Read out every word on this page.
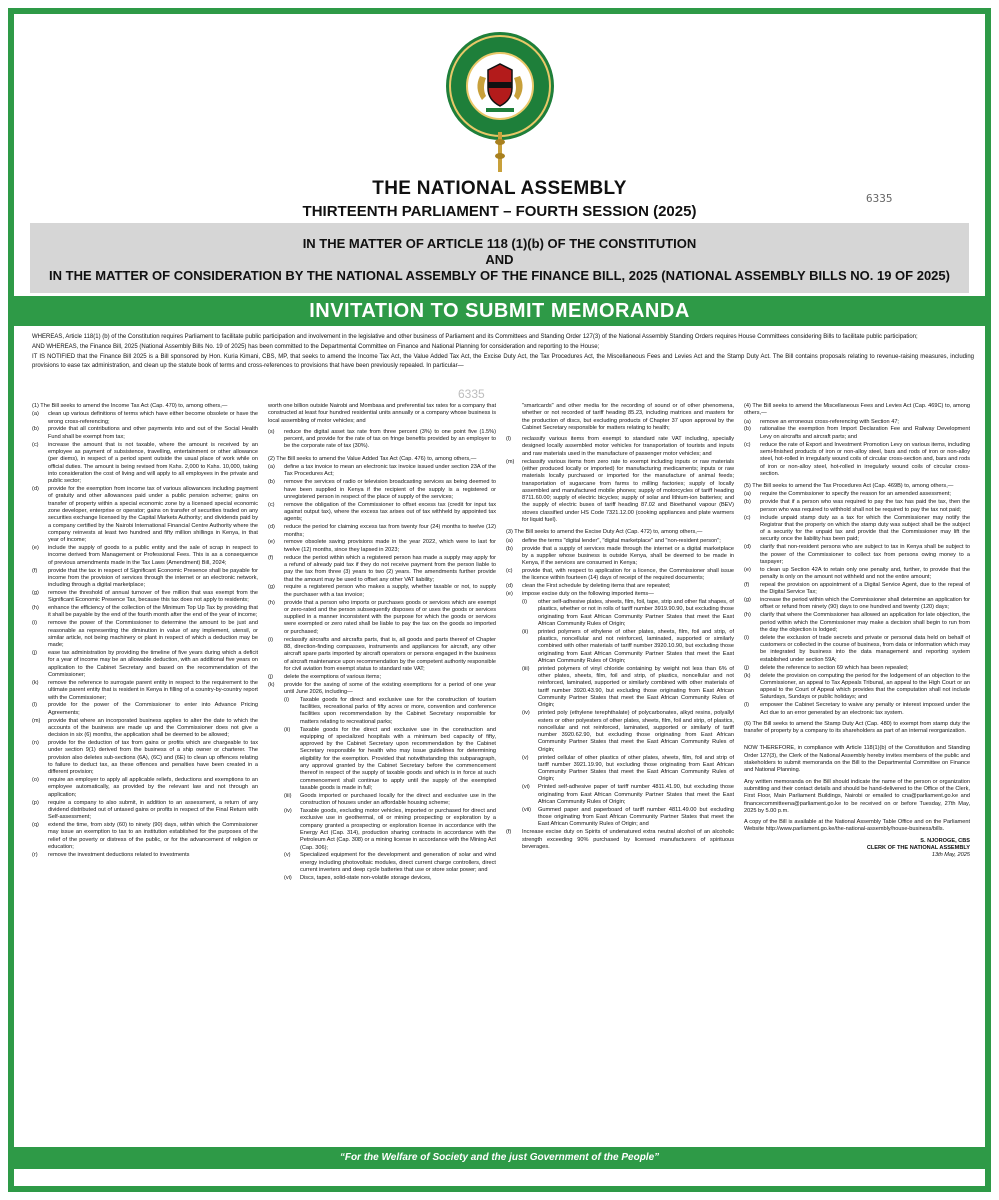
THE NATIONAL ASSEMBLY
THIRTEENTH PARLIAMENT – FOURTH SESSION (2025)
6335
IN THE MATTER OF ARTICLE 118 (1)(b) OF THE CONSTITUTION
AND
IN THE MATTER OF CONSIDERATION BY THE NATIONAL ASSEMBLY OF THE FINANCE BILL, 2025 (NATIONAL ASSEMBLY BILLS NO. 19 OF 2025)
INVITATION TO SUBMIT MEMORANDA

WHEREAS, Article 118(1) (b) of the Constitution requires Parliament to facilitate public participation and involvement in the legislative and other business of Parliament and its Committees and Standing Order 127(3) of the National Assembly Standing Orders requires House Committees considering Bills to facilitate public participation;

AND WHEREAS, the Finance Bill, 2025 (National Assembly Bills No. 19 of 2025) has been committed to the Departmental Committee on Finance and National Planning for consideration and reporting to the House;

IT IS NOTIFIED that the Finance Bill 2025 is a Bill sponsored by Hon. Kuria Kimani, CBS, MP, that seeks to amend the Income Tax Act, the Value Added Tax Act, the Excise Duty Act, the Tax Procedures Act, the Miscellaneous Fees and Levies Act and the Stamp Duty Act. The Bill contains proposals relating to revenue-raising measures, including provisions to ease tax administration, and clean up the statute book of terms and cross-references to provisions that have been previously repealed. In particular—

6335
(1) The Bill seeks to amend the Income Tax Act (Cap. 470) to, among others,—
(a)	clean up various definitions of terms which have either become obsolete or have the wrong cross-referencing;
(b)	provide that all contributions and other payments into and out of the Social Health Fund shall be exempt from tax;
(c)	increase the amount that is not taxable, where the amount is received by an employee as payment of subsistence, travelling, entertainment or other allowance (per diems), in respect of a period spent outside the usual place of work while on official duties. The amount is being revised from Kshs. 2,000 to Kshs. 10,000, taking into consideration the cost of living and will apply to all employees in the private and public sector;
(d)	provide for the exemption from income tax of various allowances including payment of gratuity and other allowances paid under a public pension scheme; gains on transfer of property within a special economic zone by a licensed special economic zone developer, enterprise or operator; gains on transfer of securities traded on any securities exchange licensed by the Capital Markets Authority; and dividends paid by a company certified by the Nairobi International Financial Centre Authority where the company reinvests at least two hundred and fifty million shillings in Kenya, in that year of income;
(e)	include the supply of goods to a public entity and the sale of scrap in respect to income derived from Management or Professional Fees. This is as a consequence of previous amendments made in the Tax Laws (Amendment) Bill, 2024;
(f)	provide that the tax in respect of Significant Economic Presence shall be payable for income from the provision of services through the internet or an electronic network, including through a digital marketplace;
(g)	remove the threshold of annual turnover of five million that was exempt from the Significant Economic Presence Tax, because this tax does not apply to residents;
(h)	enhance the efficiency of the collection of the Minimum Top Up Tax by providing that it shall be payable by the end of the fourth month after the end of the year of income;
(i)	remove the power of the Commissioner to determine the amount to be just and reasonable as representing the diminution in value of any implement, utensil, or similar article, not being machinery or plant in respect of which a deduction may be made;
(j)	ease tax administration by providing the timeline of five years during which a deficit for a year of income may be an allowable deduction, with an additional five years on application to the Cabinet Secretary and based on the recommendation of the Commissioner;
(k)	remove the reference to surrogate parent entity in respect to the requirement to the ultimate parent entity that is resident in Kenya in filling of a country-by-country report with the Commissioner;
(l)	provide for the power of the Commissioner to enter into Advance Pricing Agreements;
(m)	provide that where an incorporated business applies to alter the date to which the accounts of the business are made up and the Commissioner does not give a decision in six (6) months, the application shall be deemed to be allowed;
(n)	provide for the deduction of tax from gains or profits which are chargeable to tax under section 9(1) derived from the business of a ship owner or charterer. The provision also deletes sub-sections (6A), (6C) and (6E) to clean up offences relating to failure to deduct tax, as these offences and penalties have been created in a different provision;
(o)	require an employer to apply all applicable reliefs, deductions and exemptions to an employee automatically, as provided by the relevant law and not through an application;
(p)	require a company to also submit, in addition to an assessment, a return of any dividend distributed out of untaxed gains or profits in respect of the Final Return with Self-assessment;
(q)	extend the time, from sixty (60) to ninety (90) days, within which the Commissioner may issue an exemption to tax to an institution established for the purposes of the relief of the poverty or distress of the public, or for the advancement of religion or education;
(r)	remove the investment deductions related to investments
worth one billion outside Nairobi and Mombasa and preferential tax rates for a company that constructed at least four hundred residential units annually or a company whose business is local assembling of motor vehicles; and
(s)	reduce the digital asset tax rate from three percent (3%) to one point five (1.5%) percent, and provide for the rate of tax on fringe benefits provided by an employer to be the corporate rate of tax (30%).
(2) The Bill seeks to amend the Value Added Tax Act (Cap. 476) to, among others,—
(a)	define a tax invoice to mean an electronic tax invoice issued under section 23A of the Tax Procedures Act;
(b)	remove the services of radio or television broadcasting services as being deemed to have been supplied in Kenya if the recipient of the supply is a registered or unregistered person in respect of the place of supply of the services;
(c)	remove the obligation of the Commissioner to offset excess tax (credit for input tax against output tax), where the excess tax arises out of tax withheld by appointed tax agents;
(d)	reduce the period for claiming excess tax from twenty four (24) months to twelve (12) months;
(e)	remove obsolete saving provisions made in the year 2022, which were to last for twelve (12) months, since they lapsed in 2023;
(f)	reduce the period within which a registered person has made a supply may apply for a refund of already paid tax if they do not receive payment from the person liable to pay the tax from three (3) years to two (2) years. The amendments further provide that the amount may be used to offset any other VAT liability;
(g)	require a registered person who makes a supply, whether taxable or not, to supply the purchaser with a tax invoice;
(h)	provide that a person who imports or purchases goods or services which are exempt or zero-rated and the person subsequently disposes of or uses the goods or services supplied in a manner inconsistent with the purpose for which the goods or services were exempted or zero rated shall be liable to pay the tax on the goods so imported or purchased;
(i)	reclassify aircrafts and aircrafts parts, that is, all goods and parts thereof of Chapter 88, direction-finding compasses, instruments and appliances for aircraft, any other aircraft spare parts imported by aircraft operators or persons engaged in the business of aircraft maintenance upon recommendation by the competent authority responsible for civil aviation from exempt status to standard rate VAT;
(j)	delete the exemptions of various items;
(k)	provide for the saving of some of the existing exemptions for a period of one year until June 2026, including—
(i)	Taxable goods for direct and exclusive use for the construction of tourism facilities, recreational parks of fifty acres or more, convention and conference facilities upon recommendation by the Cabinet Secretary responsible for matters relating to recreational parks;
(ii)	Taxable goods for the direct and exclusive use in the construction and equipping of specialized hospitals with a minimum bed capacity of fifty, approved by the Cabinet Secretary upon recommendation by the Cabinet Secretary responsible for health who may issue guidelines for determining eligibility for the exemption. Provided that notwithstanding this subparagraph, any approval granted by the Cabinet Secretary before the commencement thereof in respect of the supply of taxable goods and which is in force at such commencement shall continue to apply until the supply of the exempted taxable goods is made in full;
(iii)	Goods imported or purchased locally for the direct and exclusive use in the construction of houses under an affordable housing scheme;
(iv)	Taxable goods, excluding motor vehicles, imported or purchased for direct and exclusive use in geothermal, oil or mining prospecting or exploration by a company granted a prospecting or exploration license in accordance with the Energy Act (Cap. 314), production sharing contracts in accordance with the Petroleum Act (Cap. 308) or a mining license in accordance with the Mining Act (Cap. 306);
(v)	Specialized equipment for the development and generation of solar and wind energy including photovoltaic modules, direct current charge controllers, direct current inverters and deep cycle batteries that use or store solar power; and
(vi)	Discs, tapes, solid-state non-volatile storage devices,
"smartcards" and other media for the recording of sound or of other phenomena, whether or not recorded of tariff heading 85.23, including matrices and masters for the production of discs, but excluding products of Chapter 37 upon approval by the Cabinet Secretary responsible for matters relating to health;
(l)	reclassify various items from exempt to standard rate VAT including, specially designed locally assembled motor vehicles for transportation of tourists and inputs and raw materials used in the manufacture of passenger motor vehicles; and
(m)	reclassify various items from zero rate to exempt including inputs or raw materials (either produced locally or imported) for manufacturing medicaments; inputs or raw materials locally purchased or imported for the manufacture of animal feeds; transportation of sugarcane from farms to milling factories; supply of locally assembled and manufactured mobile phones; supply of motorcycles of tariff heading 8711.60.00; supply of electric bicycles; supply of solar and lithium-ion batteries; and the supply of electric buses of tariff heading 87.02 and Bioethanol vapour (BEV) stoves classified under HS Code 7321.12.00 (cooking appliances and plate warmers for liquid fuel).
(3) The Bill seeks to amend the Excise Duty Act (Cap. 472) to, among others,—
(a)	define the terms "digital lender", "digital marketplace" and "non-resident person";
(b)	provide that a supply of services made through the internet or a digital marketplace by a supplier whose business is outside Kenya, shall be deemed to be made in Kenya, if the services are consumed in Kenya;
(c)	provide that, with respect to application for a licence, the Commissioner shall issue the licence within fourteen (14) days of receipt of the required documents;
(d)	clean the First schedule by deleting items that are repeated;
(e)	impose excise duty on the following imported items—
(i)	other self-adhesive plates, sheets, film, foil, tape, strip and other flat shapes, of plastics, whether or not in rolls of tariff number 3919.90.90, but excluding those originating from East African Community Partner States that meet the East African Community Rules of Origin;
(ii)	printed polymers of ethylene of other plates, sheets, film, foil and strip, of plastics, noncellular and not reinforced, laminated, supported or similarly combined with other materials of tariff number 3920.10.90, but excluding those originating from East African Community Partner States that meet the East African Community Rules of Origin;
(iii)	printed polymers of vinyl chloride containing by weight not less than 6% of other plates, sheets, film, foil and strip, of plastics, noncellular and not reinforced, laminated, supported or similarly combined with other materials of tariff number 3920.43.90, but excluding those originating from East African Community Partner States that meet the East African Community Rules of Origin;
(iv)	printed poly (ethylene terephthalate) of polycarbonates, alkyd resins, polyallyl esters or other polyesters of other plates, sheets, film, foil and strip, of plastics, noncellular and not reinforced, laminated, supported or similarly of tariff number 3920.62.90, but excluding those originating from East African Community Partner States that meet the East African Community Rules of Origin;
(v)	printed cellular of other plastics of other plates, sheets, film, foil and strip of tariff number 3921.19.90, but excluding those originating from East African Community Partner States that meet the East African Community Rules of Origin;
(vi)	Printed self-adhesive paper of tariff number 4811.41.90, but excluding those originating from East African Community Partner States that meet the East African Community Rules of Origin;
(vii)	Gummed paper and paperboard of tariff number 4811.49.00 but excluding those originating from East African Community Partner States that meet the East African Community Rules of Origin; and
(f)	Increase excise duty on Spirits of undenatured extra neutral alcohol of an alcoholic strength exceeding 90% purchased by licensed manufacturers of spirituous beverages.
(4) The Bill seeks to amend the Miscellaneous Fees and Levies Act (Cap. 469C) to, among others,—
(a)	remove an erroneous cross-referencing with Section 47;
(b)	rationalise the exemption from Import Declaration Fee and Railway Development Levy on aircrafts and aircraft parts; and
(c)	reduce the rate of Export and Investment Promotion Levy on various items, including semi-finished products of iron or non-alloy steel, bars and rods of iron or non-alloy steel, hot-rolled in irregularly wound coils of circular cross-section and, bars and rods of iron or non-alloy steel, hot-rolled in irregularly wound coils of circular cross-section.
(5) The Bill seeks to amend the Tax Procedures Act (Cap. 469B) to, among others,—
(a)	require the Commissioner to specify the reason for an amended assessment;
(b)	provide that if a person who was required to pay the tax has paid the tax, then the person who was required to withhold shall not be required to pay the tax not paid;
(c)	include unpaid stamp duty as a tax for which the Commissioner may notify the Registrar that the property on which the stamp duty was subject shall be the subject of a security for the unpaid tax and provide that the Commissioner may lift the security once the liability has been paid;
(d)	clarify that non-resident persons who are subject to tax in Kenya shall be subject to the power of the Commissioner to collect tax from persons owing money to a taxpayer;
(e)	to clean up Section 42A to retain only one penalty and, further, to provide that the penalty is only on the amount not withheld and not the entire amount;
(f)	repeal the provision on appointment of a Digital Service Agent, due to the repeal of the Digital Service Tax;
(g)	increase the period within which the Commissioner shall determine an application for offset or refund from ninety (90) days to one hundred and twenty (120) days;
(h)	clarify that where the Commissioner has allowed an application for late objection, the period within which the Commissioner may make a decision shall begin to run from the day the objection is lodged;
(i)	delete the exclusion of trade secrets and private or personal data held on behalf of customers or collected in the course of business, from data or information which may be integrated by business into the data management and reporting system established under section 59A;
(j)	delete the reference to section 69 which has been repealed;
(k)	delete the provision on computing the period for the lodgement of an objection to the Commissioner, an appeal to Tax Appeals Tribunal, an appeal to the High Court or an appeal to the Court of Appeal which provides that the computation shall not include Saturdays, Sundays or public holidays; and
(l)	empower the Cabinet Secretary to waive any penalty or interest imposed under the Act due to an error generated by an electronic tax system.
(6) The Bill seeks to amend the Stamp Duty Act (Cap. 480) to exempt from stamp duty the transfer of property by a company to its shareholders as part of an internal reorganization.
NOW THEREFORE, in compliance with Article 118(1)(b) of the Constitution and Standing Order 127(3), the Clerk of the National Assembly hereby invites members of the public and stakeholders to submit memoranda on the Bill to the Departmental Committee on Finance and National Planning.
Any written memoranda on the Bill should indicate the name of the person or organization submitting and their contact details and should be hand-delivered to the Office of the Clerk, First Floor, Main Parliament Buildings, Nairobi or emailed to cna@parliament.go.ke and financecommitteena@parliament.go.ke to be received on or before Tuesday, 27th May, 2025 by 5.00 p.m.
A copy of the Bill is available at the National Assembly Table Office and on the Parliament Website http://www.parliament.go.ke/the-national-assembly/house-business/bills.
S. NJOROGE, CBS
CLERK OF THE NATIONAL ASSEMBLY
13th May, 2025
“For the Welfare of Society and the just Government of the People”
